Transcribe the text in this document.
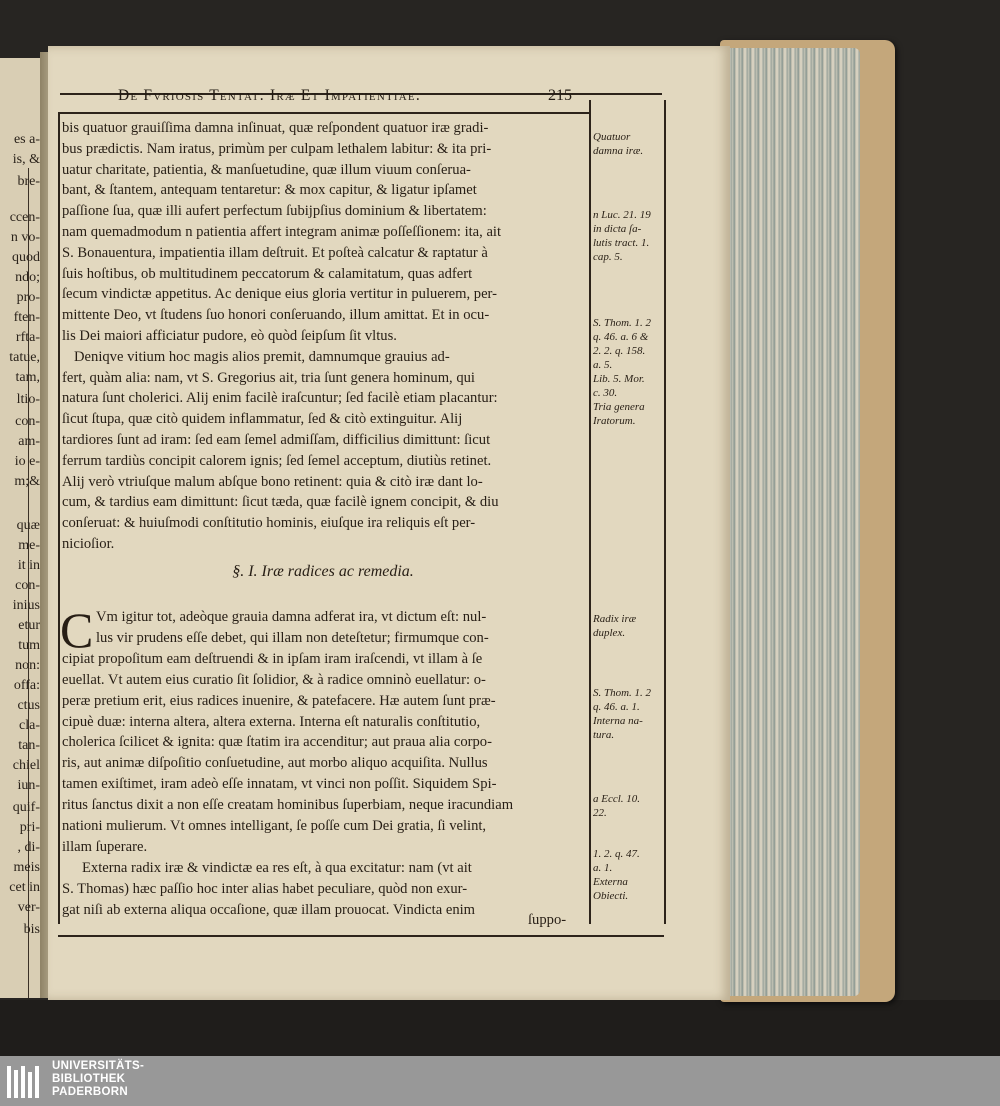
es a-
is, &
bre-
ccen-
n vo-
quod
ndo;
pro-
ften-
rfta-
tatue,
tam,
ltio-
con-
am-
io e-
m;&
quæ
me-
it in
con-
inius
etur
tum
non:
offa:
ctus
cla-
tan-
chiel
iun-
quif-
pri-
, di-
meis
cet in
ver-
bis
De Fvriosis Tentat. Iræ Et Impatientiae.	215
bis quatuor grauiſſima damna inſinuat, quæ reſpondent quatuor iræ gradi-
bus prædictis. Nam iratus, primùm per culpam lethalem labitur: & ita pri-
uatur charitate, patientia, & manſuetudine, quæ illum viuum conſerua-
bant, & ſtantem, antequam tentaretur: & mox capitur, & ligatur ipſamet
paſſione ſua, quæ illi aufert perfectum ſubijpſius dominium & libertatem:
nam quemadmodum n patientia affert integram animæ poſſeſſionem: ita, ait
S. Bonauentura, impatientia illam deſtruit. Et poſteà calcatur & raptatur à
ſuis hoſtibus, ob multitudinem peccatorum & calamitatum, quas adfert
ſecum vindictæ appetitus. Ac denique eius gloria vertitur in puluerem, per-
mittente Deo, vt ſtudens ſuo honori conſeruando, illum amittat. Et in ocu-
lis Dei maiori afficiatur pudore, eò quòd ſeipſum ſit vltus.
Deniqve vitium hoc magis alios premit, damnumque grauius ad-
fert, quàm alia: nam, vt S. Gregorius ait, tria ſunt genera hominum, qui
natura ſunt cholerici. Alij enim facilè iraſcuntur; ſed facilè etiam placantur:
ſicut ſtupa, quæ citò quidem inflammatur, ſed & citò extinguitur. Alij
tardiores ſunt ad iram: ſed eam ſemel admiſſam, difficilius dimittunt: ſicut
ferrum tardiùs concipit calorem ignis; ſed ſemel acceptum, diutiùs retinet.
Alij verò vtriuſque malum abſque bono retinent: quia & citò iræ dant lo-
cum, & tardius eam dimittunt: ſicut tæda, quæ facilè ignem concipit, & diu
conſeruat: & huiuſmodi conſtitutio hominis, eiuſque ira reliquis eſt per-
nicioſior.
§. I. Iræ radices ac remedia.
C Vm igitur tot, adeòque grauia damna adferat ira, vt dictum eſt: nul-
lus vir prudens eſſe debet, qui illam non deteſtetur; firmumque con-
cipiat propoſitum eam deſtruendi & in ipſam iram iraſcendi, vt illam à ſe
euellat. Vt autem eius curatio ſit ſolidior, & à radice omninò euellatur: o-
peræ pretium erit, eius radices inuenire, & patefacere. Hæ autem ſunt præ-
cipuè duæ: interna altera, altera externa. Interna eſt naturalis conſtitutio,
cholerica ſcilicet & ignita: quæ ſtatim ira accenditur; aut praua alia corpo-
ris, aut animæ diſpoſitio conſuetudine, aut morbo aliquo acquiſita. Nullus
tamen exiſtimet, iram adeò eſſe innatam, vt vinci non poſſit. Siquidem Spi-
ritus ſanctus dixit a non eſſe creatam hominibus ſuperbiam, neque iracundiam
nationi mulierum. Vt omnes intelligant, ſe poſſe cum Dei gratia, ſi velint,
illam ſuperare.
Externa radix iræ & vindictæ ea res eſt, à qua excitatur: nam (vt ait
S. Thomas) hæc paſſio hoc inter alias habet peculiare, quòd non exur-
gat niſi ab externa aliqua occaſione, quæ illam prouocat. Vindicta enim
ſuppo-
Quatuor
damna iræ.
n Luc. 21. 19
in dicta ſa-
lutis tract. 1.
cap. 5.
S. Thom. 1. 2
q. 46. a. 6 &
2. 2. q. 158.
a. 5.
Lib. 5. Mor.
c. 30.
Tria genera
Iratorum.
Radix iræ
duplex.
S. Thom. 1. 2
q. 46. a. 1.
Interna na-
tura.
a Eccl. 10.
22.
1. 2. q. 47.
a. 1.
Externa
Obiecti.
UNIVERSITÄTS-
BIBLIOTHEK
PADERBORN
